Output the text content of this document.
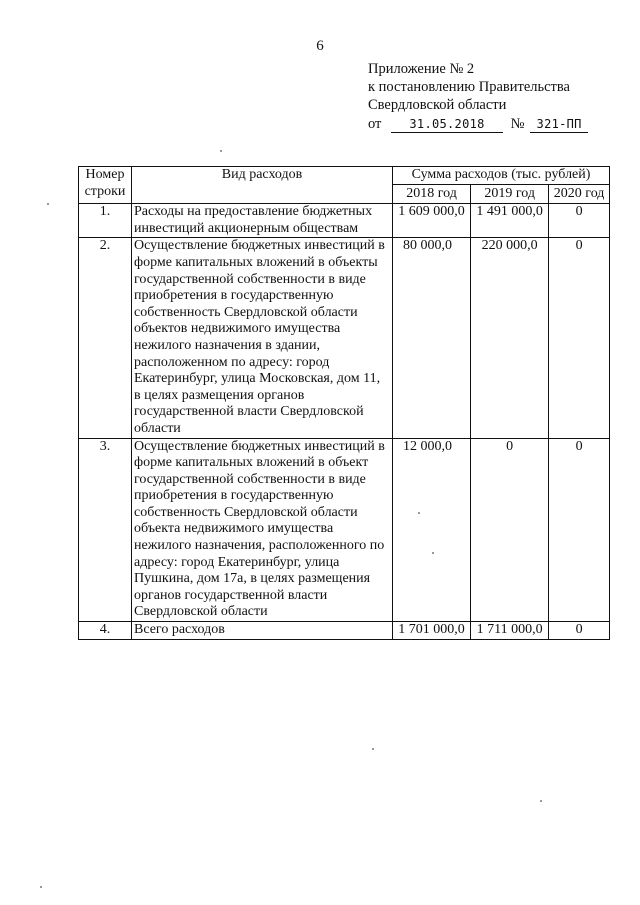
6
Приложение № 2
к постановлению Правительства
Свердловской области
от 31.05.2018 № 321-ПП
Номер строки	Вид расходов	Сумма расходов (тыс. рублей)		
		2018 год	2019 год	2020 год
1.	Расходы на предоставление бюджетных инвестиций акционерным обществам	1 609 000,0	1 491 000,0	0
2.	Осуществление бюджетных инвестиций в форме капитальных вложений в объекты государственной собственности в виде приобретения в государственную собственность Свердловской области объектов недвижимого имущества нежилого назначения в здании, расположенном по адресу: город Екатеринбург, улица Московская, дом 11, в целях размещения органов государственной власти Свердловской области	80 000,0	220 000,0	0
3.	Осуществление бюджетных инвестиций в форме капитальных вложений в объект государственной собственности в виде приобретения в государственную собственность Свердловской области объекта недвижимого имущества нежилого назначения, расположенного по адресу: город Екатеринбург, улица Пушкина, дом 17а, в целях размещения органов государственной власти Свердловской области	12 000,0	0	0
4.	Всего расходов	1 701 000,0	1 711 000,0	0
